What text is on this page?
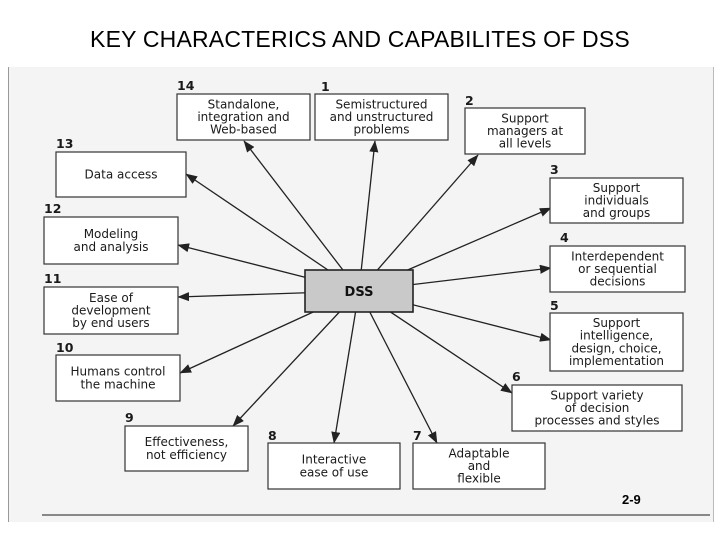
KEY CHARACTERICS AND CAPABILITES OF DSS
1
Semistructured
and unstructured
problems
2
Support
managers at
all levels
3
Support
individuals
and groups
4
Interdependent
or sequential
decisions
5
Support
intelligence,
design, choice,
implementation
6
Support variety
of decision
processes and styles
7
Adaptable
and
flexible
8
Interactive
ease of use
9
Effectiveness,
not efficiency
10
Humans control
the machine
11
Ease of
development
by end users
12
Modeling
and analysis
13
Data access
14
Standalone,
integration and
Web-based
DSS
2-9
